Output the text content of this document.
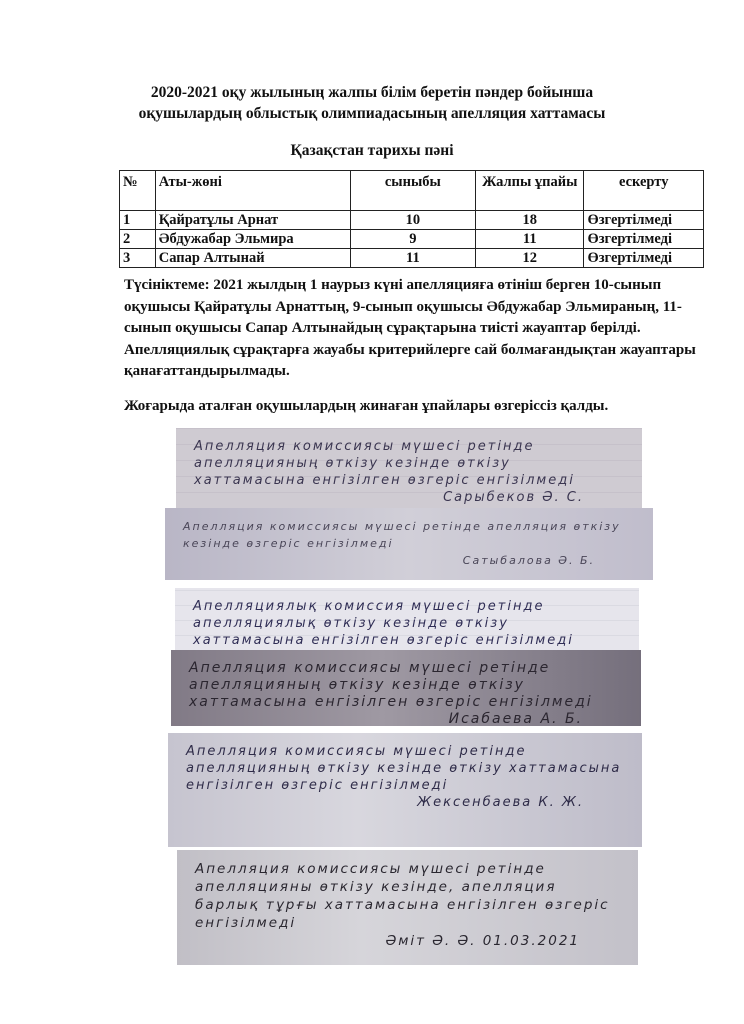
2020-2021 оқу жылының жалпы білім беретін пәндер бойынша
оқушылардың облыстық олимпиадасының апелляция хаттамасы
Қазақстан тарихы пәні
№	Аты-жөні	сыныбы	Жалпы ұпайы	ескерту
1	Қайратұлы Арнат	10	18	Өзгертілмеді
2	Әбдужабар Эльмира	9	11	Өзгертілмеді
3	Сапар Алтынай	11	12	Өзгертілмеді
Түсініктеме: 2021 жылдың 1 наурыз күні апелляцияға өтініш берген 10-сынып оқушысы Қайратұлы Арнаттың, 9-сынып оқушысы Әбдужабар Эльмираның, 11-сынып оқушысы Сапар Алтынайдың сұрақтарына тиісті жауаптар берілді. Апелляциялық сұрақтарға жауабы критерийлерге сай болмағандықтан жауаптары қанағаттандырылмады.
Жоғарыда аталған оқушылардың жинаған ұпайлары өзгеріссіз қалды.
Апелляция комиссиясы мүшесі ретінде апелляцияның өткізу кезінде өткізу хаттамасына енгізілген өзгеріс енгізілмеді
Сарыбеков Ә. С.
Апелляция комиссиясы мүшесі ретінде апелляция өткізу кезінде өзгеріс енгізілмеді
Сатыбалова Ә. Б.
Апелляциялық комиссия мүшесі ретінде апелляциялық өткізу кезінде өткізу хаттамасына енгізілген өзгеріс енгізілмеді
Апелляция комиссиясы мүшесі ретінде апелляцияның өткізу кезінде өткізу хаттамасына енгізілген өзгеріс енгізілмеді
Исабаева А. Б.
Апелляция комиссиясы мүшесі ретінде апелляцияның өткізу кезінде өткізу хаттамасына енгізілген өзгеріс енгізілмеді
Жексенбаева К. Ж.
Апелляция комиссиясы мүшесі ретінде апелляцияны өткізу кезінде, апелляция барлық тұрғы хаттамасына енгізілген өзгеріс енгізілмеді
Әміт Ә. Ә. 01.03.2021
